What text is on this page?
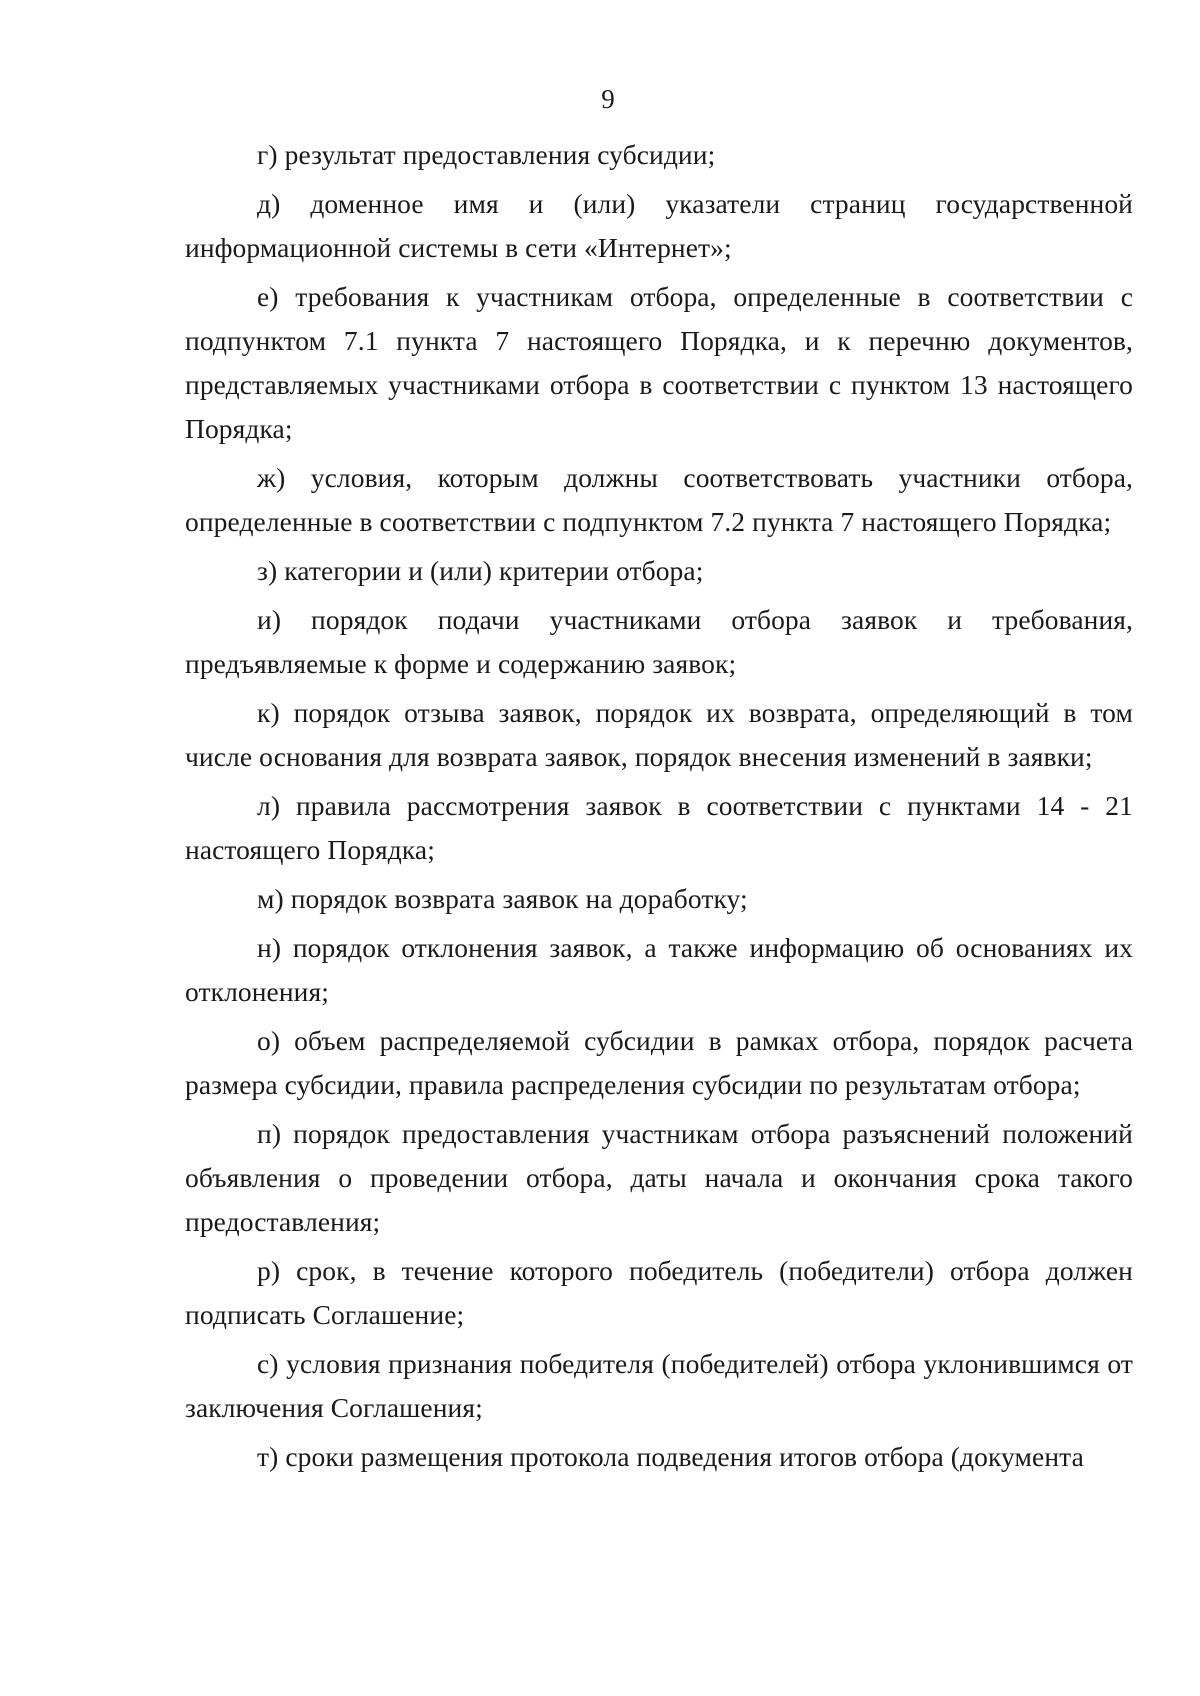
9

г) результат предоставления субсидии;

д) доменное имя и (или) указатели страниц государственной информационной системы в сети «Интернет»;

е) требования к участникам отбора, определенные в соответствии с подпунктом 7.1 пункта 7 настоящего Порядка, и к перечню документов, представляемых участниками отбора в соответствии с пунктом 13 настоящего Порядка;

ж) условия, которым должны соответствовать участники отбора, определенные в соответствии с подпунктом 7.2 пункта 7 настоящего Порядка;

з) категории и (или) критерии отбора;

и) порядок подачи участниками отбора заявок и требования, предъявляемые к форме и содержанию заявок;

к) порядок отзыва заявок, порядок их возврата, определяющий в том числе основания для возврата заявок, порядок внесения изменений в заявки;

л) правила рассмотрения заявок в соответствии с пунктами 14 - 21 настоящего Порядка;

м) порядок возврата заявок на доработку;

н) порядок отклонения заявок, а также информацию об основаниях их отклонения;

о) объем распределяемой субсидии в рамках отбора, порядок расчета размера субсидии, правила распределения субсидии по результатам отбора;

п) порядок предоставления участникам отбора разъяснений положений объявления о проведении отбора, даты начала и окончания срока такого предоставления;

р) срок, в течение которого победитель (победители) отбора должен подписать Соглашение;

с) условия признания победителя (победителей) отбора уклонившимся от заключения Соглашения;

т) сроки размещения протокола подведения итогов отбора (документа
